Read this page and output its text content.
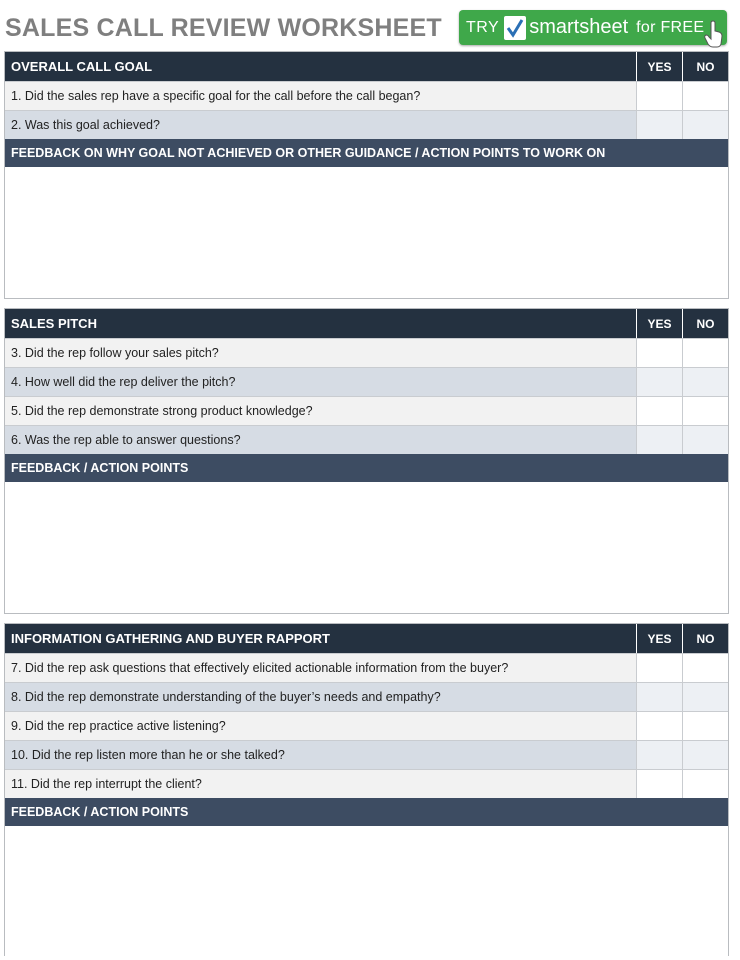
SALES CALL REVIEW WORKSHEET TRY smartsheet for FREE
OVERALL CALL GOAL	YES	NO
1. Did the sales rep have a specific goal for the call before the call began?
2. Was this goal achieved?
FEEDBACK ON WHY GOAL NOT ACHIEVED OR OTHER GUIDANCE / ACTION POINTS TO WORK ON
SALES PITCH	YES	NO
3. Did the rep follow your sales pitch?
4. How well did the rep deliver the pitch?
5. Did the rep demonstrate strong product knowledge?
6. Was the rep able to answer questions?
FEEDBACK / ACTION POINTS
INFORMATION GATHERING AND BUYER RAPPORT	YES	NO
7. Did the rep ask questions that effectively elicited actionable information from the buyer?
8. Did the rep demonstrate understanding of the buyer’s needs and empathy?
9. Did the rep practice active listening?
10. Did the rep listen more than he or she talked?
11. Did the rep interrupt the client?
FEEDBACK / ACTION POINTS
